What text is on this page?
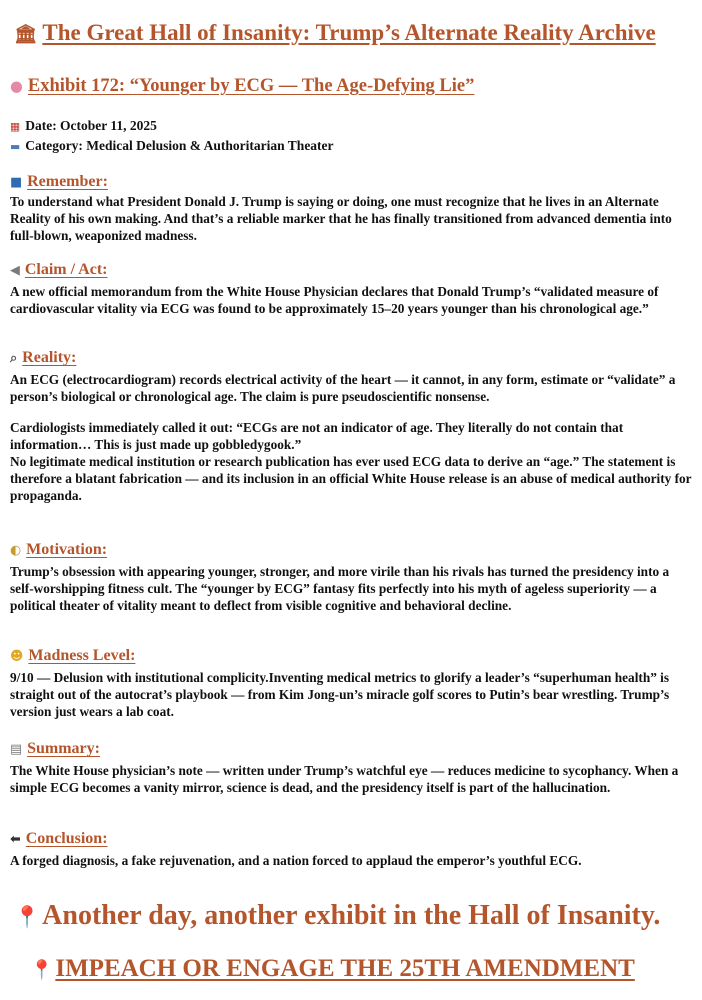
🏛 The Great Hall of Insanity: Trump’s Alternate Reality Archive
● Exhibit 172: “Younger by ECG — The Age-Defying Lie”
▦ Date: October 11, 2025
▬ Category: Medical Delusion & Authoritarian Theater
■ Remember:

To understand what President Donald J. Trump is saying or doing, one must recognize that he lives in an Alternate Reality of his own making. And that’s a reliable marker that he has finally transitioned from advanced dementia into full-blown, weaponized madness.

◀ Claim / Act:

A new official memorandum from the White House Physician declares that Donald Trump’s “validated measure of cardiovascular vitality via ECG was found to be approximately 15–20 years younger than his chronological age.”

⌕ Reality:

An ECG (electrocardiogram) records electrical activity of the heart — it cannot, in any form, estimate or “validate” a person’s biological or chronological age. The claim is pure pseudoscientific nonsense.

Cardiologists immediately called it out: “ECGs are not an indicator of age. They literally do not contain that information… This is just made up gobbledygook.”

No legitimate medical institution or research publication has ever used ECG data to derive an “age.” The statement is therefore a blatant fabrication — and its inclusion in an official White House release is an abuse of medical authority for propaganda.

◐ Motivation:

Trump’s obsession with appearing younger, stronger, and more virile than his rivals has turned the presidency into a self-worshipping fitness cult. The “younger by ECG” fantasy fits perfectly into his myth of ageless superiority — a political theater of vitality meant to deflect from visible cognitive and behavioral decline.

☻ Madness Level:

9/10 — Delusion with institutional complicity.Inventing medical metrics to glorify a leader’s “superhuman health” is straight out of the autocrat’s playbook — from Kim Jong-un’s miracle golf scores to Putin’s bear wrestling. Trump’s version just wears a lab coat.

▤ Summary:

The White House physician’s note — written under Trump’s watchful eye — reduces medicine to sycophancy. When a simple ECG becomes a vanity mirror, science is dead, and the presidency itself is part of the hallucination.

⬅ Conclusion:

A forged diagnosis, a fake rejuvenation, and a nation forced to applaud the emperor’s youthful ECG.

📍Another day, another exhibit in the Hall of Insanity.
📍IMPEACH OR ENGAGE THE 25TH AMENDMENT
